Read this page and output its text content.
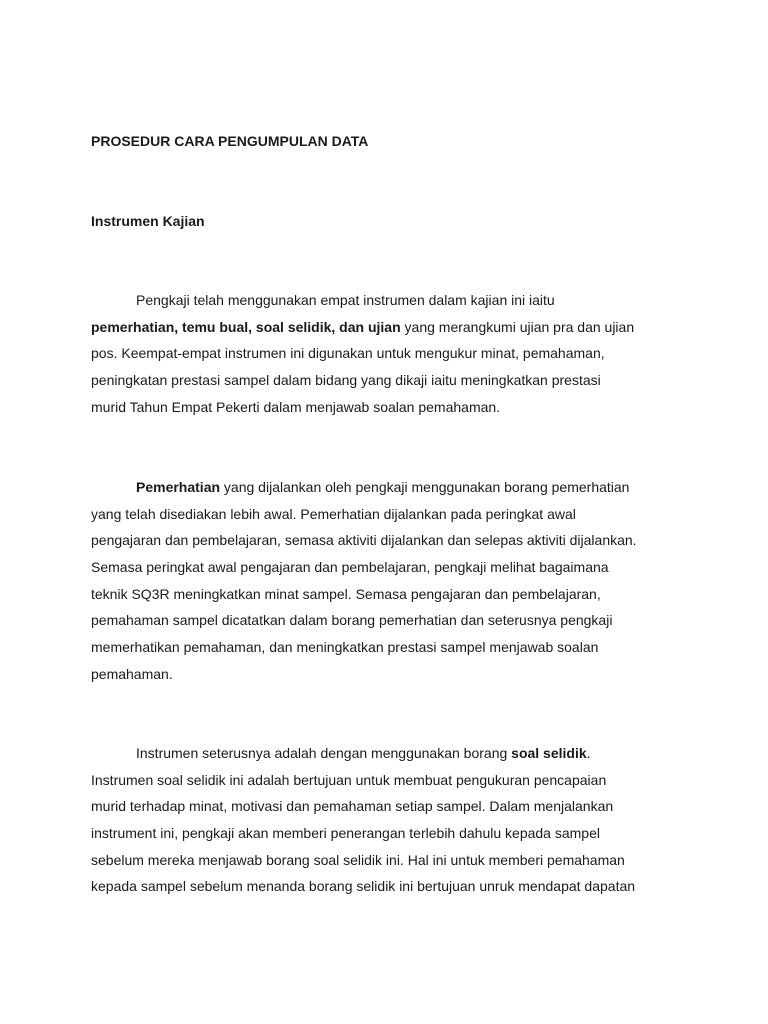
PROSEDUR CARA PENGUMPULAN DATA
Instrumen Kajian
Pengkaji telah menggunakan empat instrumen dalam kajian ini iaitu
pemerhatian, temu bual, soal selidik, dan ujian yang merangkumi ujian pra dan ujian
pos. Keempat-empat instrumen ini digunakan untuk mengukur minat, pemahaman,
peningkatan prestasi sampel dalam bidang yang dikaji iaitu meningkatkan prestasi
murid Tahun Empat Pekerti dalam menjawab soalan pemahaman.
Pemerhatian yang dijalankan oleh pengkaji menggunakan borang pemerhatian
yang telah disediakan lebih awal. Pemerhatian dijalankan pada peringkat awal
pengajaran dan pembelajaran, semasa aktiviti dijalankan dan selepas aktiviti dijalankan.
Semasa peringkat awal pengajaran dan pembelajaran, pengkaji melihat bagaimana
teknik SQ3R meningkatkan minat sampel. Semasa pengajaran dan pembelajaran,
pemahaman sampel dicatatkan dalam borang pemerhatian dan seterusnya pengkaji
memerhatikan pemahaman, dan meningkatkan prestasi sampel menjawab soalan
pemahaman.
Instrumen seterusnya adalah dengan menggunakan borang soal selidik.
Instrumen soal selidik ini adalah bertujuan untuk membuat pengukuran pencapaian
murid terhadap minat, motivasi dan pemahaman setiap sampel. Dalam menjalankan
instrument ini, pengkaji akan memberi penerangan terlebih dahulu kepada sampel
sebelum mereka menjawab borang soal selidik ini. Hal ini untuk memberi pemahaman
kepada sampel sebelum menanda borang selidik ini bertujuan unruk mendapat dapatan
